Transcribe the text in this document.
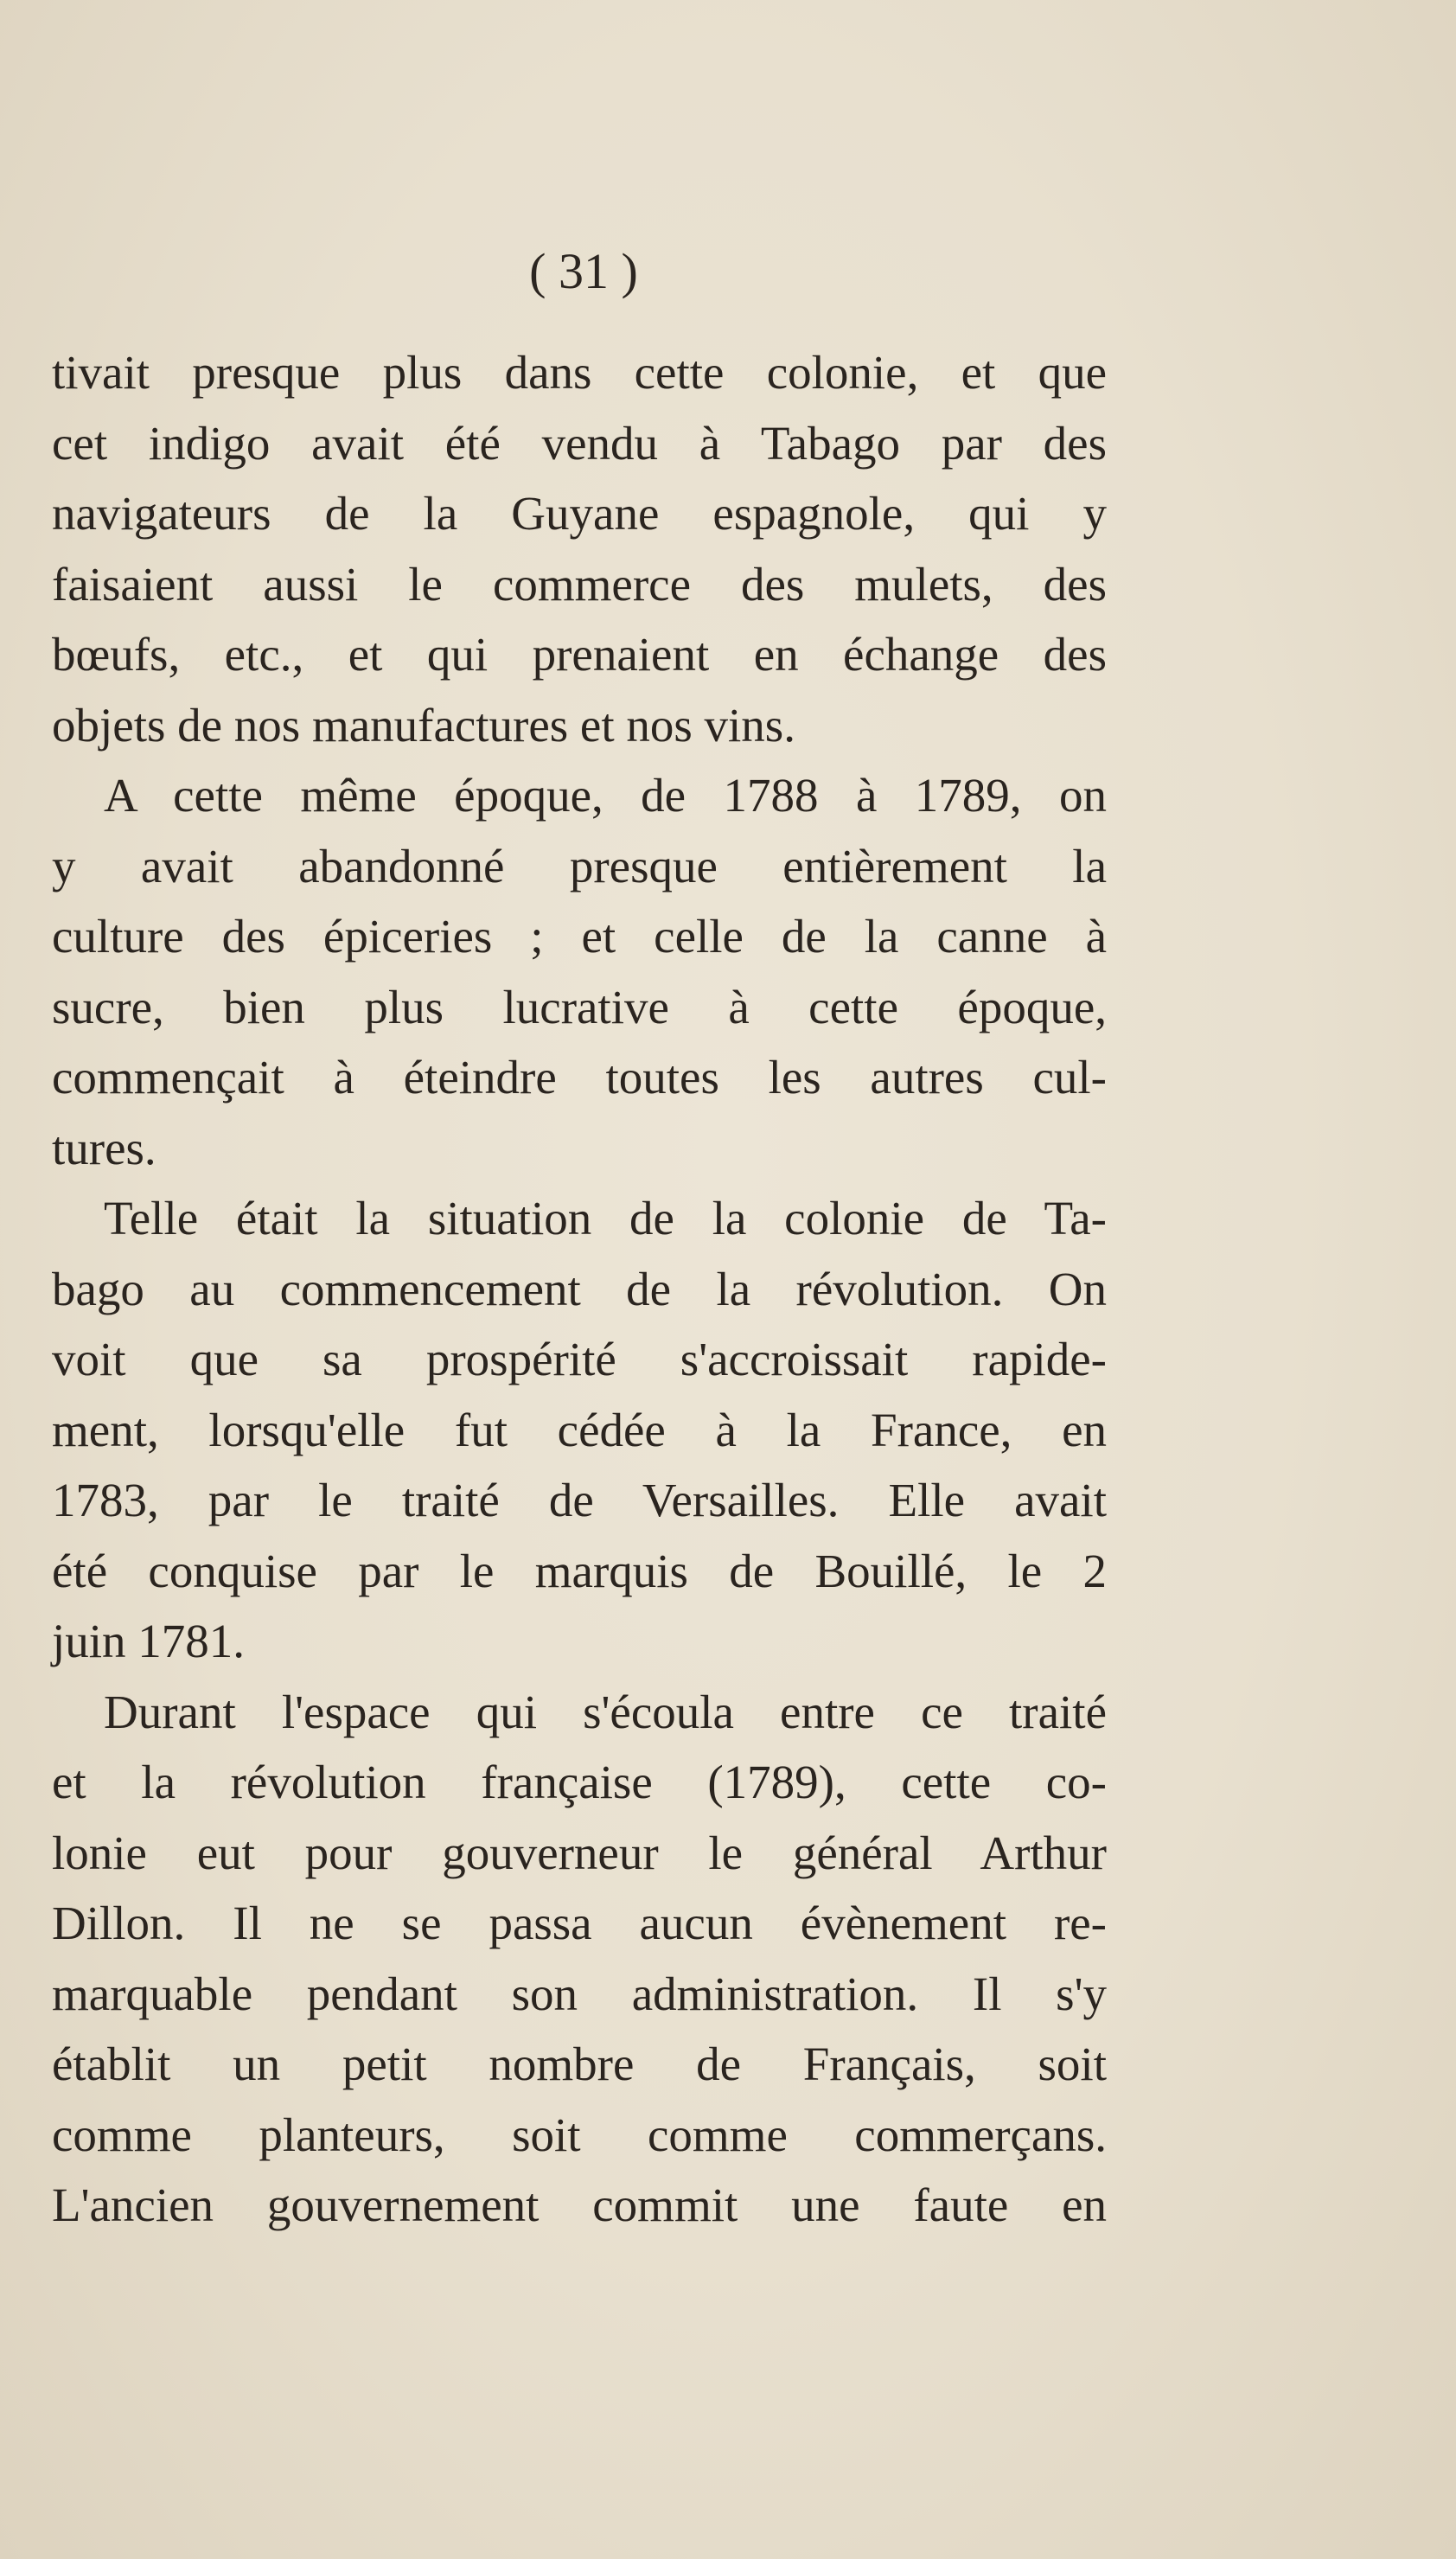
( 31 )
tivait presque plus dans cette colonie, et que
cet indigo avait été vendu à Tabago par des
navigateurs de la Guyane espagnole, qui y
faisaient aussi le commerce des mulets, des
bœufs, etc., et qui prenaient en échange des
objets de nos manufactures et nos vins.
A cette même époque, de 1788 à 1789, on
y avait abandonné presque entièrement la
culture des épiceries ; et celle de la canne à
sucre, bien plus lucrative à cette époque,
commençait à éteindre toutes les autres cul-
tures.
Telle était la situation de la colonie de Ta-
bago au commencement de la révolution. On
voit que sa prospérité s'accroissait rapide-
ment, lorsqu'elle fut cédée à la France, en
1783, par le traité de Versailles. Elle avait
été conquise par le marquis de Bouillé, le 2
juin 1781.
Durant l'espace qui s'écoula entre ce traité
et la révolution française (1789), cette co-
lonie eut pour gouverneur le général Arthur
Dillon. Il ne se passa aucun évènement re-
marquable pendant son administration. Il s'y
établit un petit nombre de Français, soit
comme planteurs, soit comme commerçans.
L'ancien gouvernement commit une faute en
